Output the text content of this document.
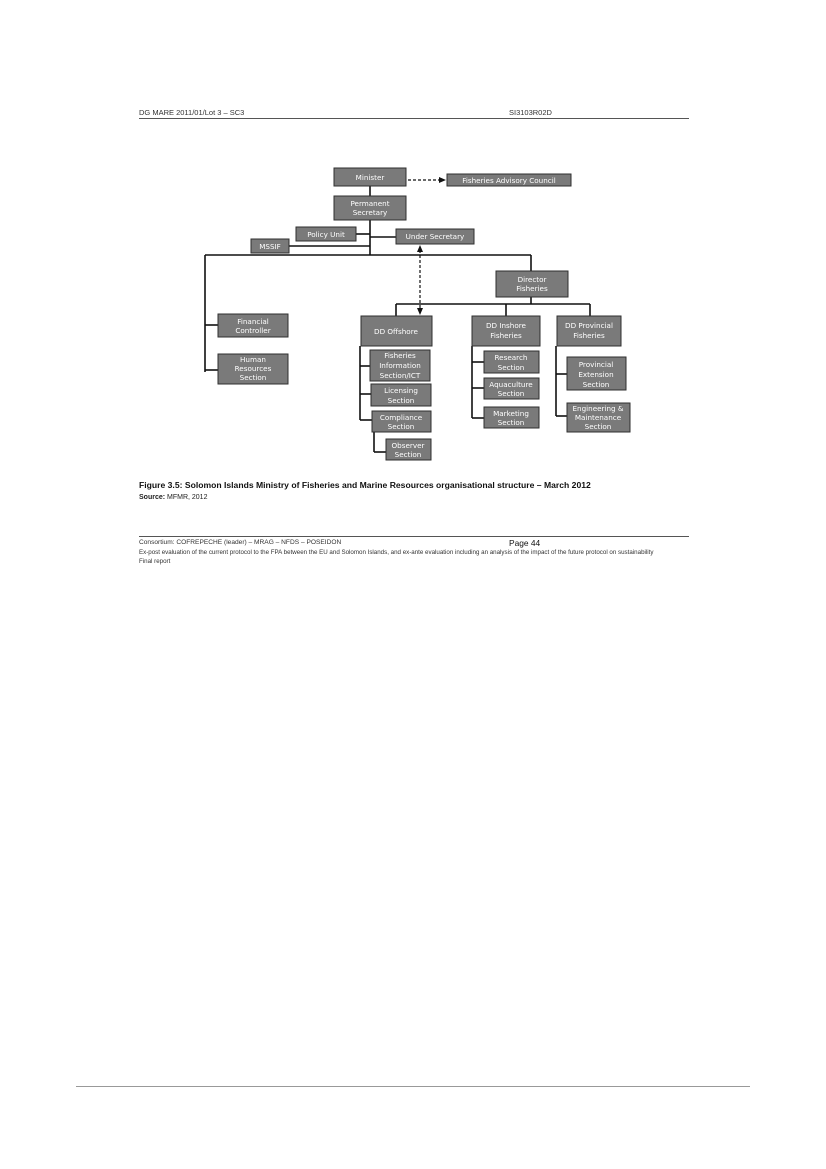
DG MARE 2011/01/Lot 3 – SC3	SI3103R02D
Minister	Fisheries Advisory Council
Permanent
Secretary
Policy Unit
MSSIF
Under Secretary
Director
Fisheries
Financial
Controller
Human
Resources
Section
DD Offshore
DD Inshore
Fisheries
DD Provincial
Fisheries
Fisheries
Information
Section/ICT
Licensing
Section
Compliance
Section
Observer
Section
Research
Section
Aquaculture
Section
Marketing
Section
Provincial
Extension
Section
Engineering &
Maintenance
Section
Figure 3.5: Solomon Islands Ministry of Fisheries and Marine Resources organisational structure – March 2012
Source: MFMR, 2012
Consortium: COFREPECHE (leader) – MRAG – NFDS – POSEIDON	Page 44
Ex-post evaluation of the current protocol to the FPA between the EU and Solomon Islands, and ex-ante evaluation including an analysis of the impact of the future protocol on sustainability
Final report
